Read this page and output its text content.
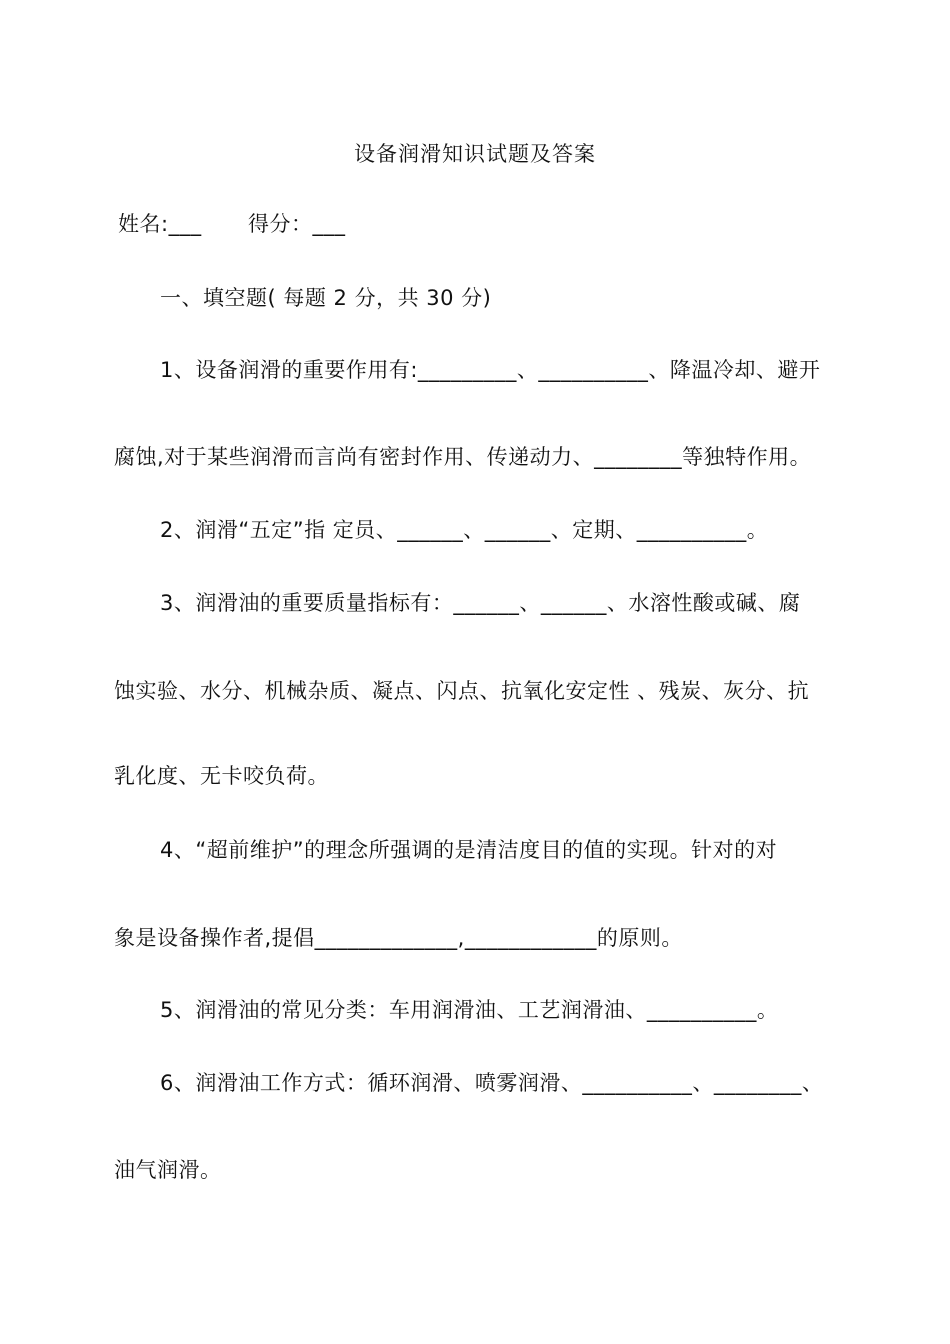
设备润滑知识试题及答案
姓名:___ 得分：___
一、填空题( 每题 2 分，共 30 分)
1、设备润滑的重要作用有:_________、__________、降温冷却、避开
腐蚀,对于某些润滑而言尚有密封作用、传递动力、________等独特作用。
2、润滑“五定”指 定员、______、______、定期、__________。
3、润滑油的重要质量指标有：______、______、水溶性酸或碱、腐
蚀实验、水分、机械杂质、凝点、闪点、抗氧化安定性 、残炭、灰分、抗
乳化度、无卡咬负荷。
4、“超前维护”的理念所强调的是清洁度目的值的实现。针对的对
象是设备操作者,提倡_____________,____________的原则。
5、润滑油的常见分类：车用润滑油、工艺润滑油、__________。
6、润滑油工作方式：循环润滑、喷雾润滑、__________、________、
油气润滑。
